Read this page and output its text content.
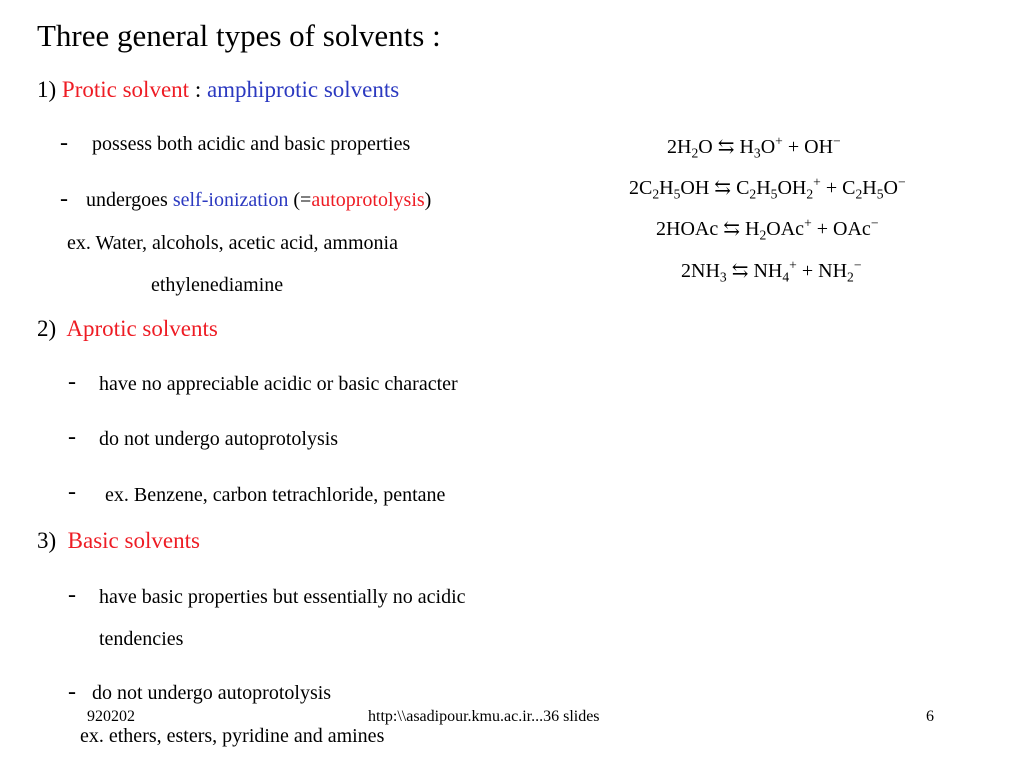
Three general types of solvents :
1) Protic solvent : amphiprotic solvents
- possess both acidic and basic properties
- undergoes self-ionization (=autoprotolysis)
ex. Water, alcohols, acetic acid, ammonia
ethylenediamine
$2H_2O$ ⇆ $H_3O^+ + OH^-$
$2C_2H_5OH$ ⇆ $C_2H_5OH_2^+ + C_2H_5O^-$
2HOAc ⇆ $H_2OAc^+ + OAc^-$
$2NH_3$ ⇆ $NH_4^+ + NH_2^-$
2) Aprotic solvents
- have no appreciable acidic or basic character
- do not undergo autoprotolysis
- ex. Benzene, carbon tetrachloride, pentane
3) Basic solvents
- have basic properties but essentially no acidic
tendencies
- do not undergo autoprotolysis
920202	http:\\asadipour.kmu.ac.ir...36 slides	6
ex. ethers, esters, pyridine and amines
